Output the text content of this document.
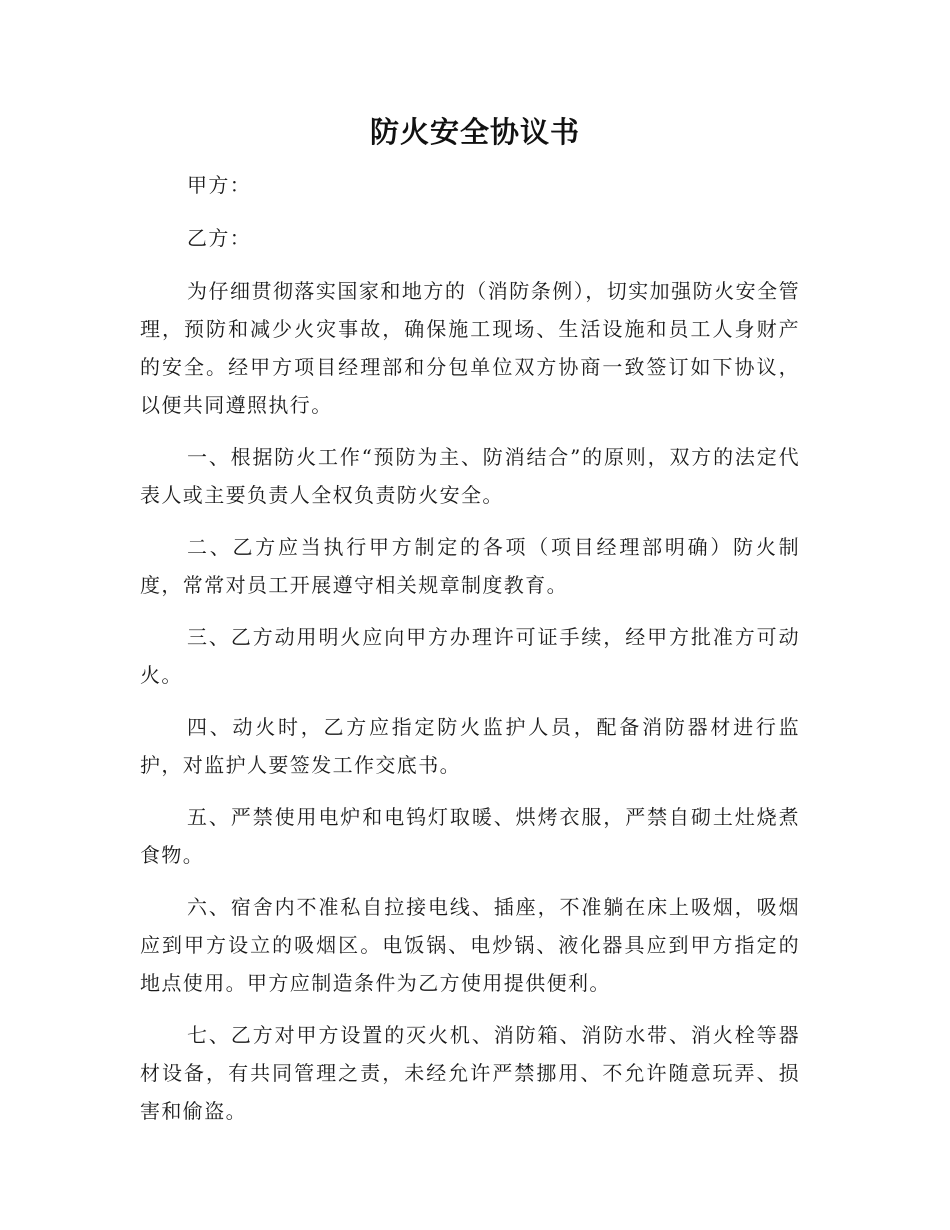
防火安全协议书

甲方：

乙方：

为仔细贯彻落实国家和地方的（消防条例），切实加强防火安全管理，预防和减少火灾事故，确保施工现场、生活设施和员工人身财产的安全。经甲方项目经理部和分包单位双方协商一致签订如下协议，以便共同遵照执行。

一、根据防火工作“预防为主、防消结合”的原则，双方的法定代表人或主要负责人全权负责防火安全。

二、乙方应当执行甲方制定的各项（项目经理部明确）防火制度，常常对员工开展遵守相关规章制度教育。

三、乙方动用明火应向甲方办理许可证手续，经甲方批准方可动火。

四、动火时，乙方应指定防火监护人员，配备消防器材进行监护，对监护人要签发工作交底书。

五、严禁使用电炉和电钨灯取暖、烘烤衣服，严禁自砌土灶烧煮食物。

六、宿舍内不准私自拉接电线、插座，不准躺在床上吸烟，吸烟应到甲方设立的吸烟区。电饭锅、电炒锅、液化器具应到甲方指定的地点使用。甲方应制造条件为乙方使用提供便利。

七、乙方对甲方设置的灭火机、消防箱、消防水带、消火栓等器材设备，有共同管理之责，未经允许严禁挪用、不允许随意玩弄、损害和偷盗。
